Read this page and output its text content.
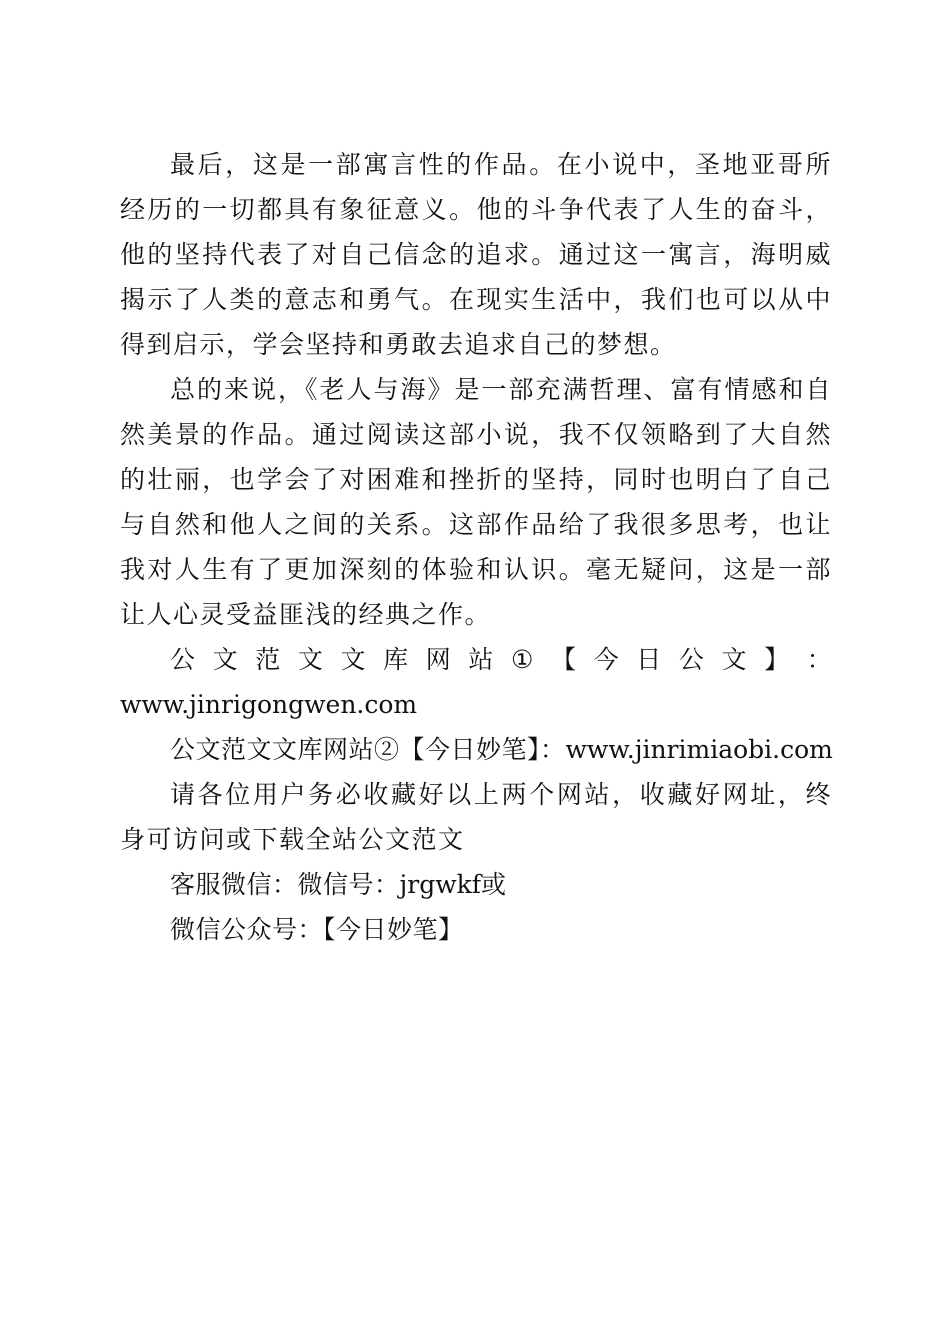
最后，这是一部寓言性的作品。在小说中，圣地亚哥所经历的一切都具有象征意义。他的斗争代表了人生的奋斗，他的坚持代表了对自己信念的追求。通过这一寓言，海明威揭示了人类的意志和勇气。在现实生活中，我们也可以从中得到启示，学会坚持和勇敢去追求自己的梦想。

总的来说，《老人与海》是一部充满哲理、富有情感和自然美景的作品。通过阅读这部小说，我不仅领略到了大自然的壮丽，也学会了对困难和挫折的坚持，同时也明白了自己与自然和他人之间的关系。这部作品给了我很多思考，也让我对人生有了更加深刻的体验和认识。毫无疑问，这是一部让人心灵受益匪浅的经典之作。

公 文 范 文 文 库 网 站 ① 【 今 日 公 文 】 ：

www.jinrigongwen.com

公文范文文库网站②【今日妙笔】：www.jinrimiaobi.com

请各位用户务必收藏好以上两个网站，收藏好网址，终身可访问或下载全站公文范文

客服微信：微信号：jrgwkf或

微信公众号：【今日妙笔】
